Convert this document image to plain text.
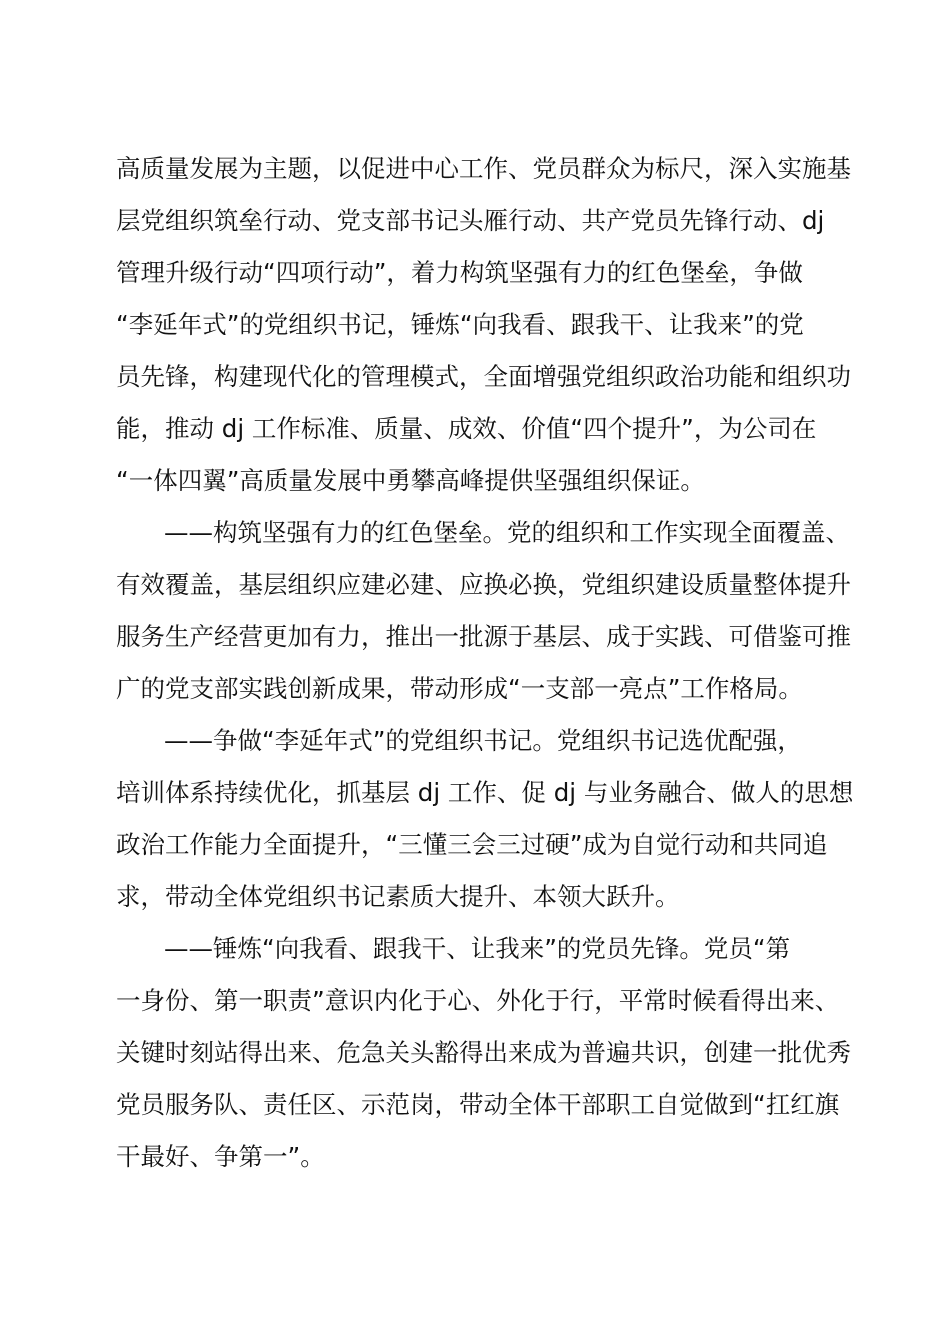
高质量发展为主题，以促进中心工作、党员群众为标尺，深入实施基
层党组织筑垒行动、党支部书记头雁行动、共产党员先锋行动、dj
管理升级行动“四项行动”，着力构筑坚强有力的红色堡垒，争做
“李延年式”的党组织书记，锤炼“向我看、跟我干、让我来”的党
员先锋，构建现代化的管理模式，全面增强党组织政治功能和组织功
能，推动 dj 工作标准、质量、成效、价值“四个提升”，为公司在
“一体四翼”高质量发展中勇攀高峰提供坚强组织保证。
——构筑坚强有力的红色堡垒。党的组织和工作实现全面覆盖、
有效覆盖，基层组织应建必建、应换必换，党组织建设质量整体提升
服务生产经营更加有力，推出一批源于基层、成于实践、可借鉴可推
广的党支部实践创新成果，带动形成“一支部一亮点”工作格局。
——争做“李延年式”的党组织书记。党组织书记选优配强，
培训体系持续优化，抓基层 dj 工作、促 dj 与业务融合、做人的思想
政治工作能力全面提升，“三懂三会三过硬”成为自觉行动和共同追
求，带动全体党组织书记素质大提升、本领大跃升。
——锤炼“向我看、跟我干、让我来”的党员先锋。党员“第
一身份、第一职责”意识内化于心、外化于行，平常时候看得出来、
关键时刻站得出来、危急关头豁得出来成为普遍共识，创建一批优秀
党员服务队、责任区、示范岗，带动全体干部职工自觉做到“扛红旗
干最好、争第一”。
